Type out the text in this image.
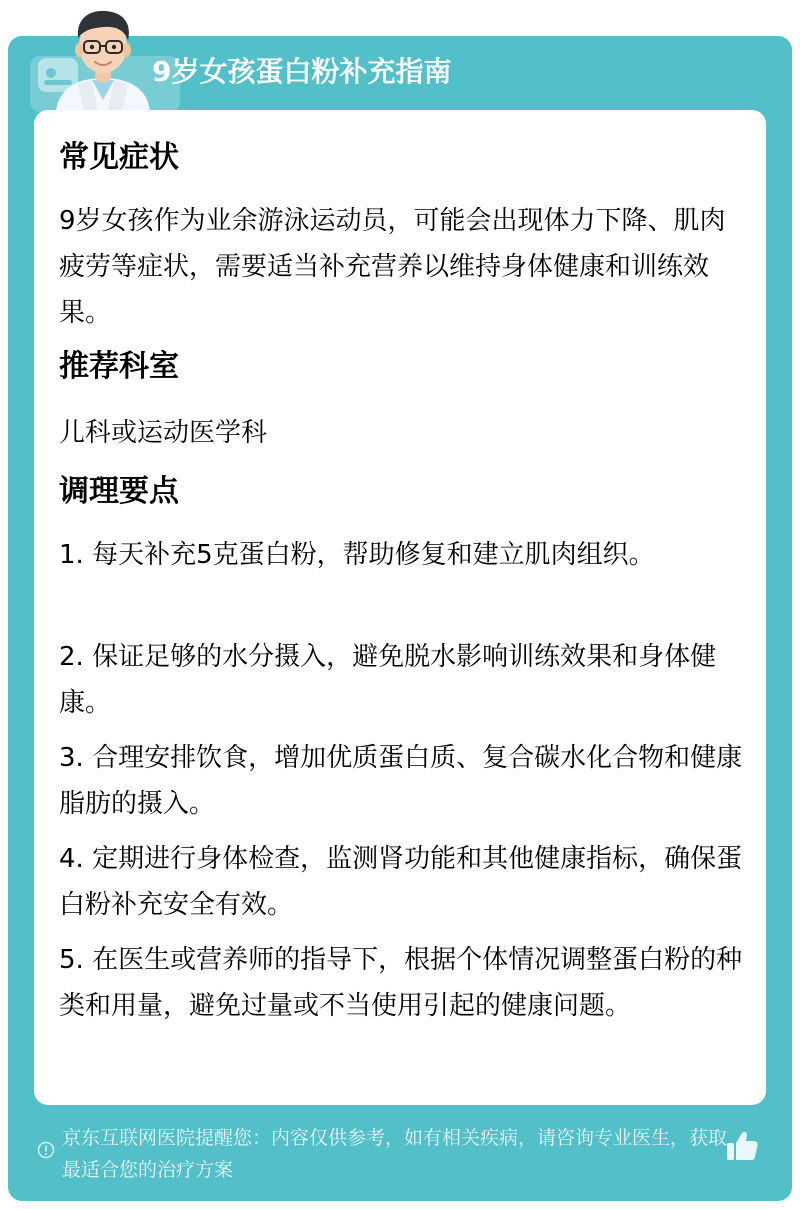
9岁女孩蛋白粉补充指南
常见症状

9岁女孩作为业余游泳运动员，可能会出现体力下降、肌肉疲劳等症状，需要适当补充营养以维持身体健康和训练效果。

推荐科室

儿科或运动医学科

调理要点

1. 每天补充5克蛋白粉，帮助修复和建立肌肉组织。

2. 保证足够的水分摄入，避免脱水影响训练效果和身体健康。

3. 合理安排饮食，增加优质蛋白质、复合碳水化合物和健康脂肪的摄入。

4. 定期进行身体检查，监测肾功能和其他健康指标，确保蛋白粉补充安全有效。

5. 在医生或营养师的指导下，根据个体情况调整蛋白粉的种类和用量，避免过量或不当使用引起的健康问题。

京东互联网医院提醒您：内容仅供参考，如有相关疾病，请咨询专业医生，获取最适合您的治疗方案
